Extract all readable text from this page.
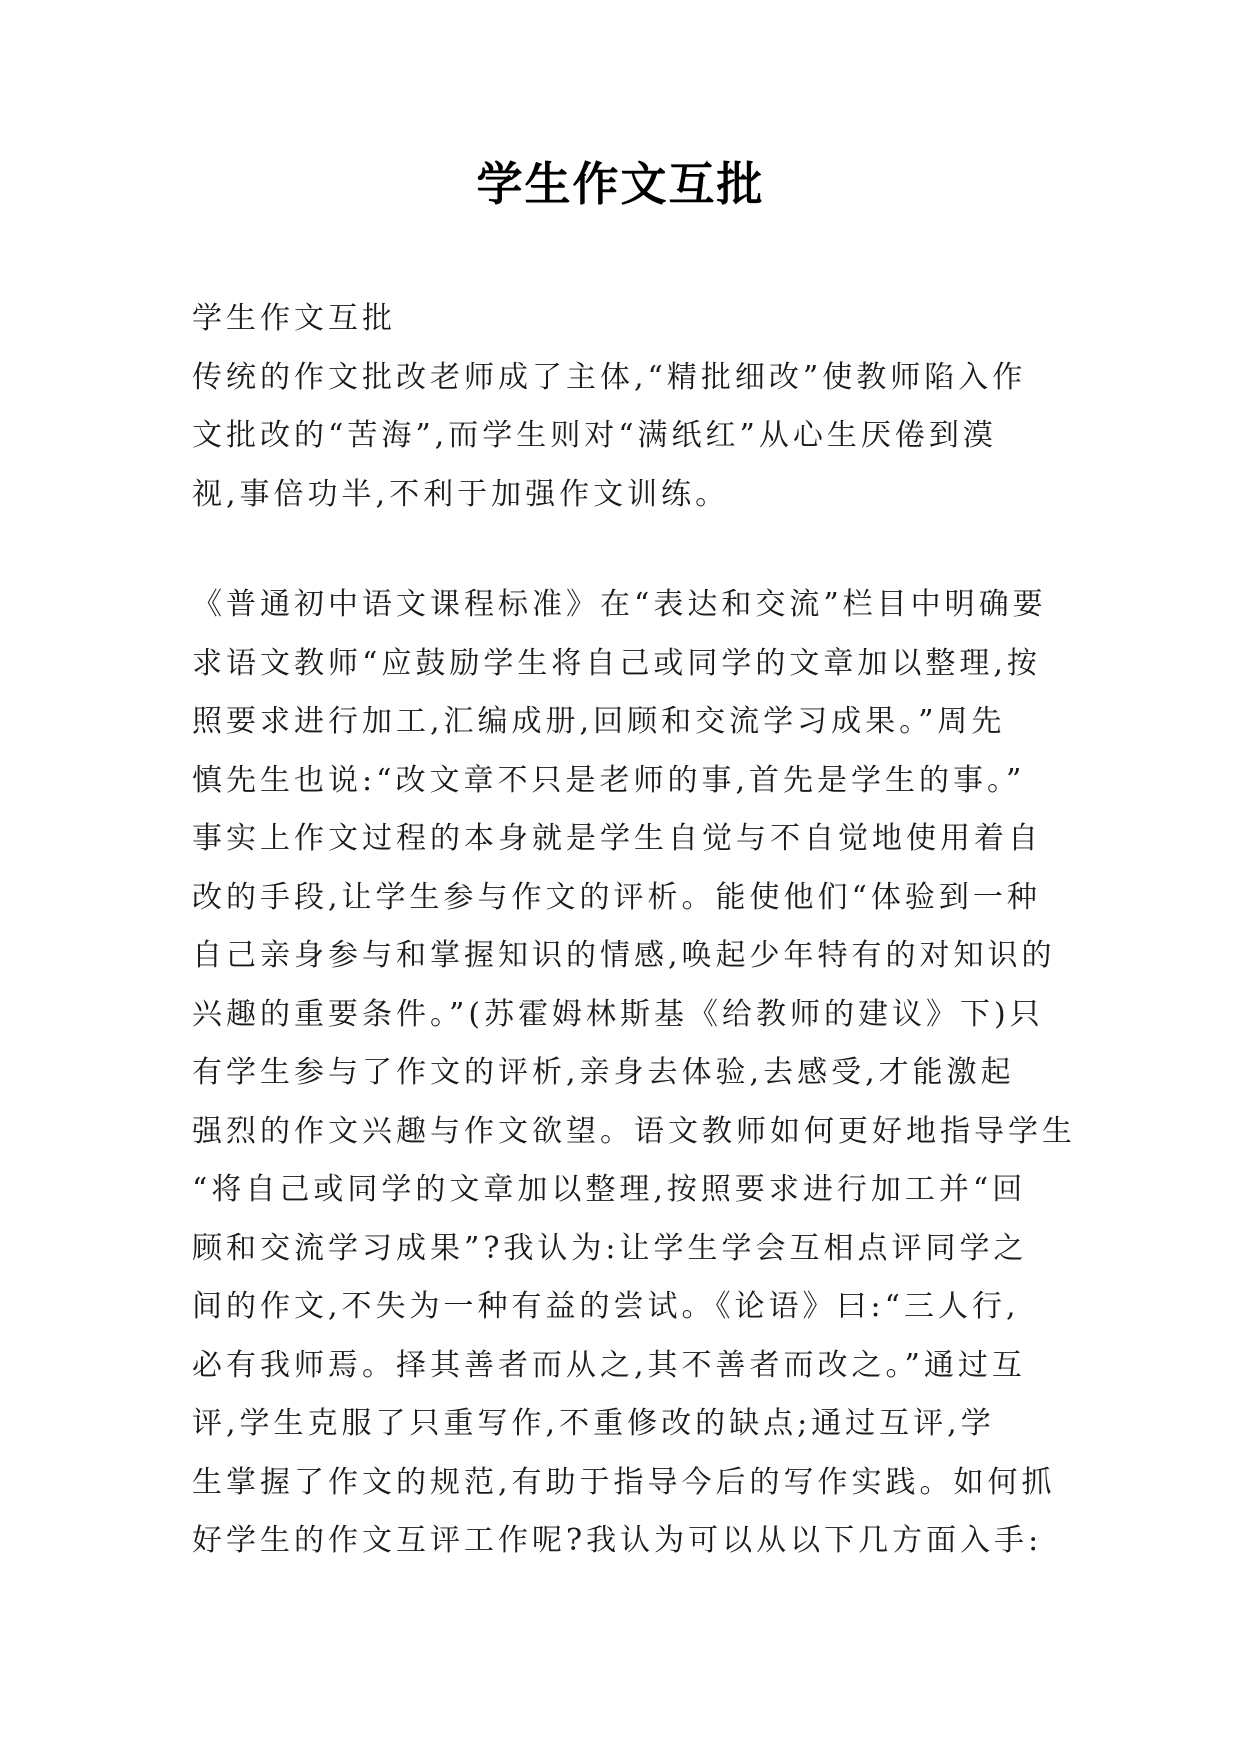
学生作文互批
学生作文互批
传统的作文批改老师成了主体,“精批细改”使教师陷入作
文批改的“苦海”,而学生则对“满纸红”从心生厌倦到漠
视,事倍功半,不利于加强作文训练。
《普通初中语文课程标准》在“表达和交流”栏目中明确要
求语文教师“应鼓励学生将自己或同学的文章加以整理,按
照要求进行加工,汇编成册,回顾和交流学习成果。”周先
慎先生也说:“改文章不只是老师的事,首先是学生的事。”
事实上作文过程的本身就是学生自觉与不自觉地使用着自
改的手段,让学生参与作文的评析。能使他们“体验到一种
自己亲身参与和掌握知识的情感,唤起少年特有的对知识的
兴趣的重要条件。”(苏霍姆林斯基《给教师的建议》下)只
有学生参与了作文的评析,亲身去体验,去感受,才能激起
强烈的作文兴趣与作文欲望。语文教师如何更好地指导学生
“将自己或同学的文章加以整理,按照要求进行加工并“回
顾和交流学习成果”?我认为:让学生学会互相点评同学之
间的作文,不失为一种有益的尝试。《论语》曰:“三人行,
必有我师焉。择其善者而从之,其不善者而改之。”通过互
评,学生克服了只重写作,不重修改的缺点;通过互评,学
生掌握了作文的规范,有助于指导今后的写作实践。如何抓
好学生的作文互评工作呢?我认为可以从以下几方面入手:
